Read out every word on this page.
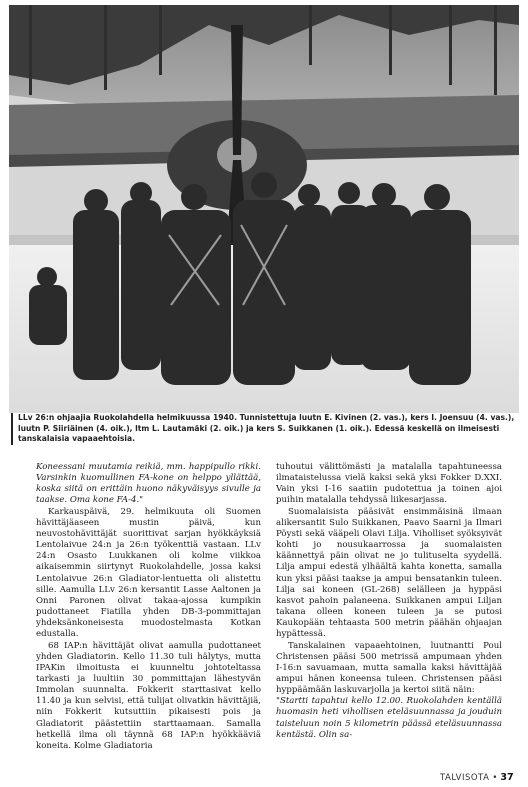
LLv 26:n ohjaajia Ruokolahdella helmikuussa 1940. Tunnistettuja luutn E. Kivinen (2. vas.), kers I. Joensuu (4. vas.), luutn P. Siiriäinen (4. oik.), ltm L. Lautamäki (2. oik.) ja kers S. Suikkanen (1. oik.). Edessä keskellä on ilmeisesti tanskalaisia vapaaehtoisia.

Koneessani muutamia reikiä, mm. happipullo rikki. Varsinkin kuomullinen FA-kone on helppo yllättää, koska siitä on erittäin huono näkyväisyys sivulle ja taakse. Oma kone FA-4."

Karkauspäivä, 29. helmikuuta oli Suomen hävittäjäaseen mustin päivä, kun neuvostohävittäjät suorittivat sarjan hyökkäyksiä Lentolaivue 24:n ja 26:n työkenttiä vastaan. LLv 24:n Osasto Luukkanen oli kolme viikkoa aikaisemmin siirtynyt Ruokolahdelle, jossa kaksi Lentolaivue 26:n Gladiator-lentuetta oli alistettu sille. Aamulla LLv 26:n kersantit Lasse Aaltonen ja Onni Paronen olivat takaa-ajossa kumpikin pudottaneet Fiatilla yhden DB-3-pommittajan yhdeksänkoneisesta muodostelmasta Kotkan edustalla.

68 IAP:n hävittäjät olivat aamulla pudottaneet yhden Gladiatorin. Kello 11.30 tuli hälytys, mutta IPAKin ilmoitusta ei kuunneltu johtoteltassa tarkasti ja luultiin 30 pommittajan lähestyvän Immolan suunnalta. Fokkerit starttasivat kello 11.40 ja kun selvisi, että tulijat olivatkin hävittäjiä, niin Fokkerit kutsuttiin pikaisesti pois ja Gladiatorit päästettiin starttaamaan. Samalla hetkellä ilma oli täynnä 68 IAP:n hyökkääviä koneita. Kolme Gladiatoria

tuhoutui välittömästi ja matalalla tapahtuneessa ilmataistelussa vielä kaksi sekä yksi Fokker D.XXI. Vain yksi I-16 saatiin pudotettua ja toinen ajoi puihin matalalla tehdyssä liikesarjassa.

Suomalaisista pääsivät ensimmäisinä ilmaan alikersantit Sulo Suikkanen, Paavo Saarni ja Ilmari Pöysti sekä vääpeli Olavi Lilja. Viholliset syöksyivät kohti jo nousukaarrossa ja suomalaisten käännettyä päin olivat ne jo tulituselta syydellä. Lilja ampui edestä ylhäältä kahta konetta, samalla kun yksi pääsi taakse ja ampui bensatankin tuleen. Lilja sai koneen (GL-268) selälleen ja hyppäsi kasvot pahoin palaneena. Suikkanen ampui Liljan takana olleen koneen tuleen ja se putosi Kaukopään tehtaasta 500 metrin päähän ohjaajan hypättessä.

Tanskalainen vapaaehtoinen, luutnantti Poul Christensen pääsi 500 metrissä ampumaan yhden I-16:n savuamaan, mutta samalla kaksi hävittäjää ampui hänen koneensa tuleen. Christensen pääsi hyppäämään laskuvarjolla ja kertoi siitä näin:

"Startti tapahtui kello 12.00. Ruokolahden kentällä huomasin heti vihollisen eteläsuunnassa ja jouduin taisteluun noin 5 kilometrin päässä eteläsuunnassa kentästä. Olin sa-

TALVISOTA • 37
